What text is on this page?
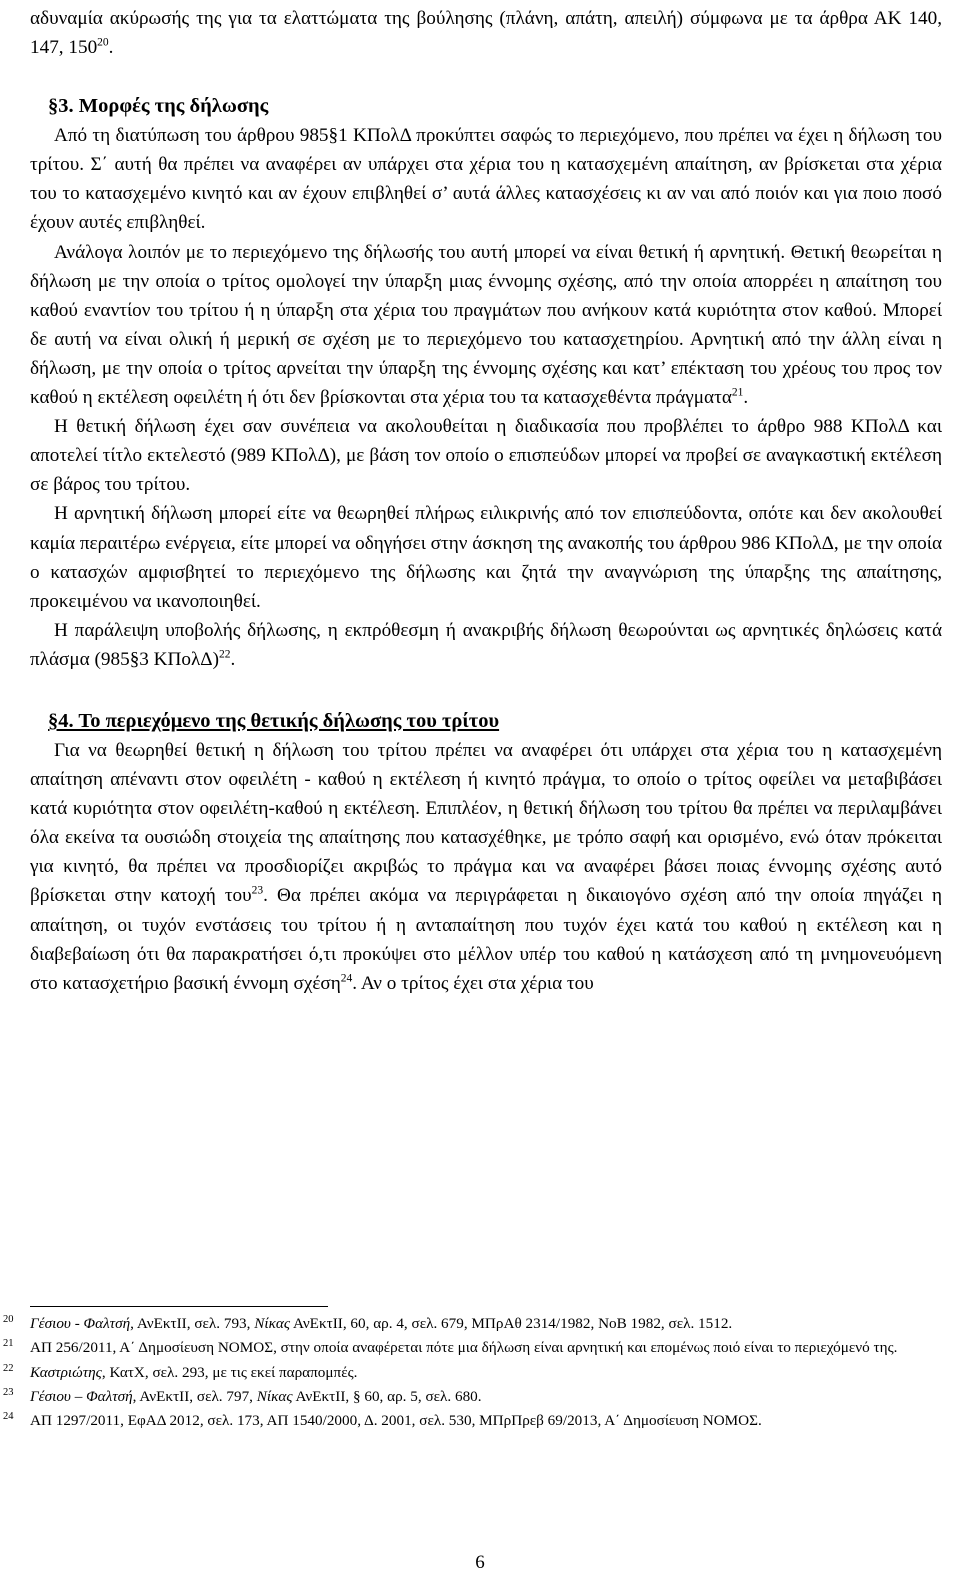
αδυναμία ακύρωσής της για τα ελαττώματα της βούλησης (πλάνη, απάτη, απειλή) σύμφωνα με τα άρθρα ΑΚ 140, 147, $150^{20}$.

§3. Μορφές της δήλωσης

Από τη διατύπωση του άρθρου 985§1 ΚΠολΔ προκύπτει σαφώς το περιεχόμενο, που πρέπει να έχει η δήλωση του τρίτου. Σ΄ αυτή θα πρέπει να αναφέρει αν υπάρχει στα χέρια του η κατασχεμένη απαίτηση, αν βρίσκεται στα χέρια του το κατασχεμένο κινητό και αν έχουν επιβληθεί σ’ αυτά άλλες κατασχέσεις κι αν ναι από ποιόν και για ποιο ποσό έχουν αυτές επιβληθεί.

Ανάλογα λοιπόν με το περιεχόμενο της δήλωσής του αυτή μπορεί να είναι θετική ή αρνητική. Θετική θεωρείται η δήλωση με την οποία ο τρίτος ομολογεί την ύπαρξη μιας έννομης σχέσης, από την οποία απορρέει η απαίτηση του καθού εναντίον του τρίτου ή η ύπαρξη στα χέρια του πραγμάτων που ανήκουν κατά κυριότητα στον καθού. Μπορεί δε αυτή να είναι ολική ή μερική σε σχέση με το περιεχόμενο του κατασχετηρίου. Αρνητική από την άλλη είναι η δήλωση, με την οποία ο τρίτος αρνείται την ύπαρξη της έννομης σχέσης και κατ’ επέκταση του χρέους του προς τον καθού η εκτέλεση οφειλέτη ή ότι δεν βρίσκονται στα χέρια του τα κατασχεθέντα πράγματα$^{21}$.

Η θετική δήλωση έχει σαν συνέπεια να ακολουθείται η διαδικασία που προβλέπει το άρθρο 988 ΚΠολΔ και αποτελεί τίτλο εκτελεστό (989 ΚΠολΔ), με βάση τον οποίο ο επισπεύδων μπορεί να προβεί σε αναγκαστική εκτέλεση σε βάρος του τρίτου.

Η αρνητική δήλωση μπορεί είτε να θεωρηθεί πλήρως ειλικρινής από τον επισπεύδοντα, οπότε και δεν ακολουθεί καμία περαιτέρω ενέργεια, είτε μπορεί να οδηγήσει στην άσκηση της ανακοπής του άρθρου 986 ΚΠολΔ, με την οποία ο κατασχών αμφισβητεί το περιεχόμενο της δήλωσης και ζητά την αναγνώριση της ύπαρξης της απαίτησης, προκειμένου να ικανοποιηθεί.

Η παράλειψη υποβολής δήλωσης, η εκπρόθεσμη ή ανακριβής δήλωση θεωρούνται ως αρνητικές δηλώσεις κατά πλάσμα (985§3 ΚΠολΔ)$^{22}$.

§4. Το περιεχόμενο της θετικής δήλωσης του τρίτου

Για να θεωρηθεί θετική η δήλωση του τρίτου πρέπει να αναφέρει ότι υπάρχει στα χέρια του η κατασχεμένη απαίτηση απέναντι στον οφειλέτη - καθού η εκτέλεση ή κινητό πράγμα, το οποίο ο τρίτος οφείλει να μεταβιβάσει κατά κυριότητα στον οφειλέτη-καθού η εκτέλεση. Επιπλέον, η θετική δήλωση του τρίτου θα πρέπει να περιλαμβάνει όλα εκείνα τα ουσιώδη στοιχεία της απαίτησης που κατασχέθηκε, με τρόπο σαφή και ορισμένο, ενώ όταν πρόκειται για κινητό, θα πρέπει να προσδιορίζει ακριβώς το πράγμα και να αναφέρει βάσει ποιας έννομης σχέσης αυτό βρίσκεται στην κατοχή του$^{23}$. Θα πρέπει ακόμα να περιγράφεται η δικαιογόνο σχέση από την οποία πηγάζει η απαίτηση, οι τυχόν ενστάσεις του τρίτου ή η ανταπαίτηση που τυχόν έχει κατά του καθού η εκτέλεση και η διαβεβαίωση ότι θα παρακρατήσει ό,τι προκύψει στο μέλλον υπέρ του καθού η κατάσχεση από τη μνημονευόμενη στο κατασχετήριο βασική έννομη σχέση$^{24}$. Αν ο τρίτος έχει στα χέρια του

20	Γέσιου - Φαλτσή, ΑνΕκτΙΙ, σελ. 793, Νίκας ΑνΕκτΙΙ, 60, αρ. 4, σελ. 679, ΜΠρΑθ 2314/1982, ΝοΒ 1982, σελ. 1512.
21	ΑΠ 256/2011, Α΄ Δημοσίευση ΝΟΜΟΣ, στην οποία αναφέρεται πότε μια δήλωση είναι αρνητική και επομένως ποιό είναι το περιεχόμενό της.
22	Καστριώτης, ΚατΧ, σελ. 293, με τις εκεί παραπομπές.
23	Γέσιου – Φαλτσή, ΑνΕκτΙΙ, σελ. 797, Νίκας ΑνΕκτΙΙ, § 60, αρ. 5, σελ. 680.
24	ΑΠ 1297/2011, ΕφΑΔ 2012, σελ. 173, ΑΠ 1540/2000, Δ. 2001, σελ. 530, ΜΠρΠρεβ 69/2013, Α΄ Δημοσίευση ΝΟΜΟΣ.
6
